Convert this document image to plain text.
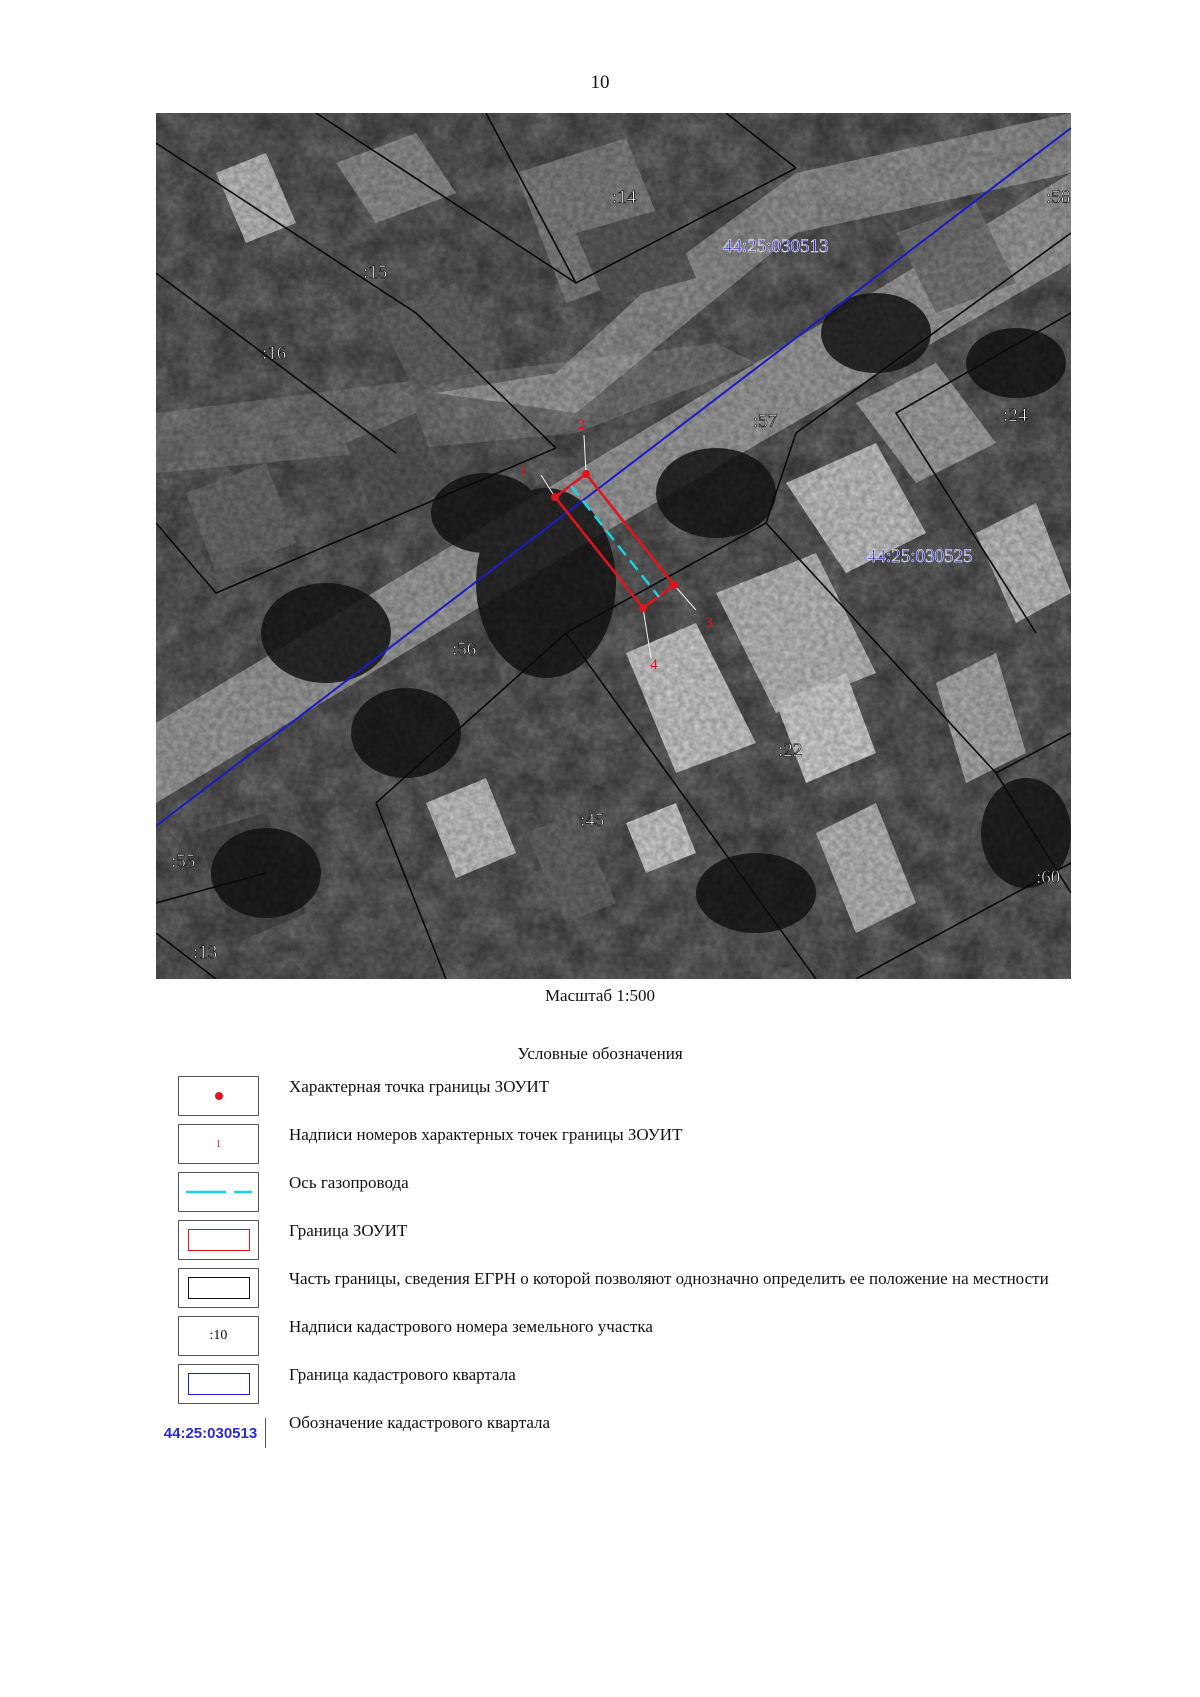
10
1
2
3
4
:14
:15
:16
:57	:24
:56
:22
:45
:55
:13
:60
:58
44:25:030513
44:25:030525
Масштаб 1:500
Условные обозначения
Характерная точка границы ЗОУИТ
1	Надписи номеров характерных точек границы ЗОУИТ
Ось газопровода
Граница ЗОУИТ
Часть границы, сведения ЕГРН о которой позволяют однозначно определить ее положение на местности
:10	Надписи кадастрового номера земельного участка
Граница кадастрового квартала
44:25:030513
Обозначение кадастрового квартала
